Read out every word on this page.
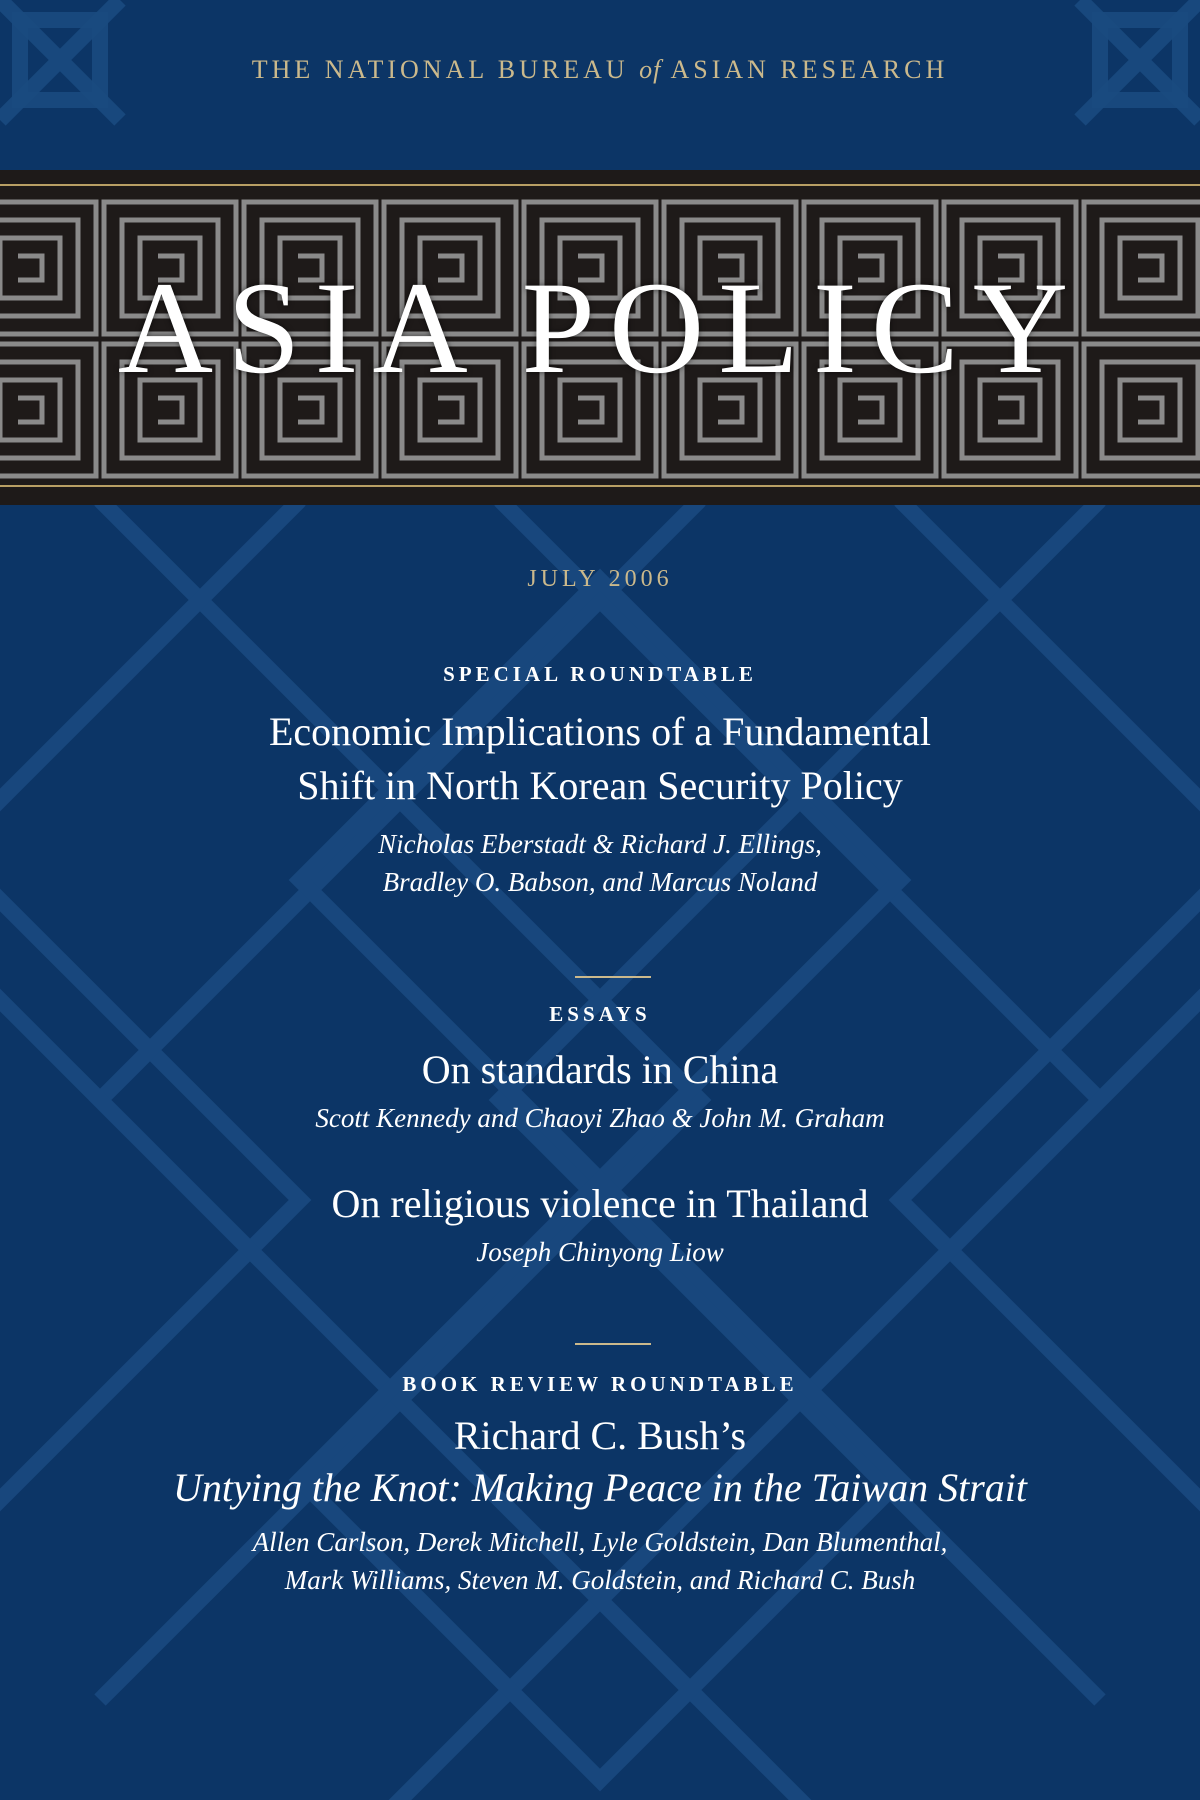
THE NATIONAL BUREAU of ASIAN RESEARCH
ASIA POLICY
JULY 2006
SPECIAL ROUNDTABLE
Economic Implications of a Fundamental
Shift in North Korean Security Policy
Nicholas Eberstadt & Richard J. Ellings,
Bradley O. Babson, and Marcus Noland
ESSAYS
On standards in China
Scott Kennedy and Chaoyi Zhao & John M. Graham
On religious violence in Thailand
Joseph Chinyong Liow
BOOK REVIEW ROUNDTABLE
Richard C. Bush’s
Untying the Knot: Making Peace in the Taiwan Strait
Allen Carlson, Derek Mitchell, Lyle Goldstein, Dan Blumenthal,
Mark Williams, Steven M. Goldstein, and Richard C. Bush
